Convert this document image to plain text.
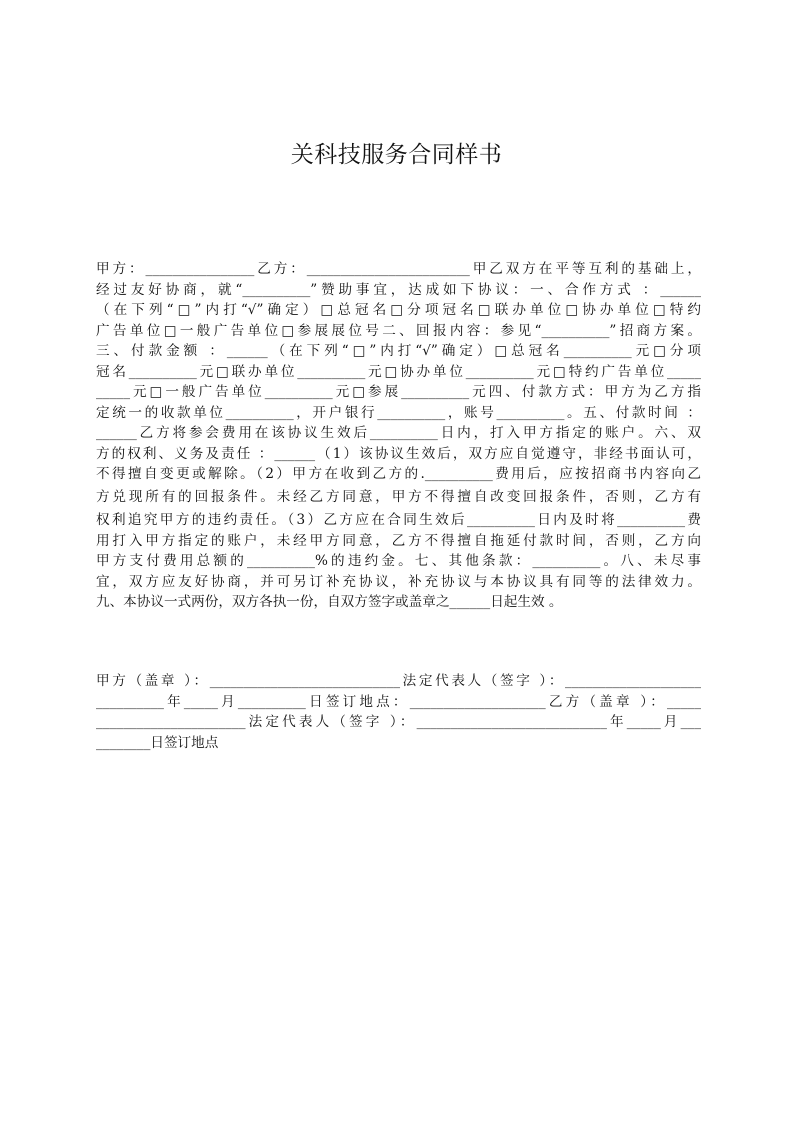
关科技服务合同样书
甲方：________________乙方：________________________甲乙双方在平等互利的基础上，
经过友好协商，就“__________”赞助事宜，达成如下协议：一、合作方式 ：______
（在下列“□”内打“√”确定）□总冠名□分项冠名□联办单位□协办单位□特约
广告单位□一般广告单位□参展展位号二、回报内容：参见“__________”招商方案。
三、付款金额 ：______（在下列“□”内打“√”确定）□总冠名__________元□分项
冠名__________元□联办单位__________元□协办单位__________元□特约广告单位_____
_____元□一般广告单位__________元□参展__________元四、付款方式：甲方为乙方指
定统一的收款单位__________，开户银行__________，账号__________。五、付款时间 ：
______乙方将参会费用在该协议生效后__________日内，打入甲方指定的账户。六、双
方的权利、义务及责任 ：______（1）该协议生效后，双方应自觉遵守，非经书面认可，
不得擅自变更或解除。（2）甲方在收到乙方的.__________费用后，应按招商书内容向乙
方兑现所有的回报条件。未经乙方同意，甲方不得擅自改变回报条件，否则，乙方有
权利追究甲方的违约责任。（3）乙方应在合同生效后__________日内及时将__________费
用打入甲方指定的账户，未经甲方同意，乙方不得擅自拖延付款时间，否则，乙方向
甲方支付费用总额的__________%的违约金。七、其他条款：__________。八、未尽事
宜，双方应友好协商，并可另订补充协议，补充协议与本协议具有同等的法律效力。
九、本协议一式两份，双方各执一份，自双方签字或盖章之______日起生效 。
甲方（盖章 ）：____________________________法定代表人（签字 ）：____________________
__________年_____月__________日签订地点：____________________乙方（盖章 ）：_____
______________________法定代表人（签字 ）：____________________________年_____月___
________日签订地点
